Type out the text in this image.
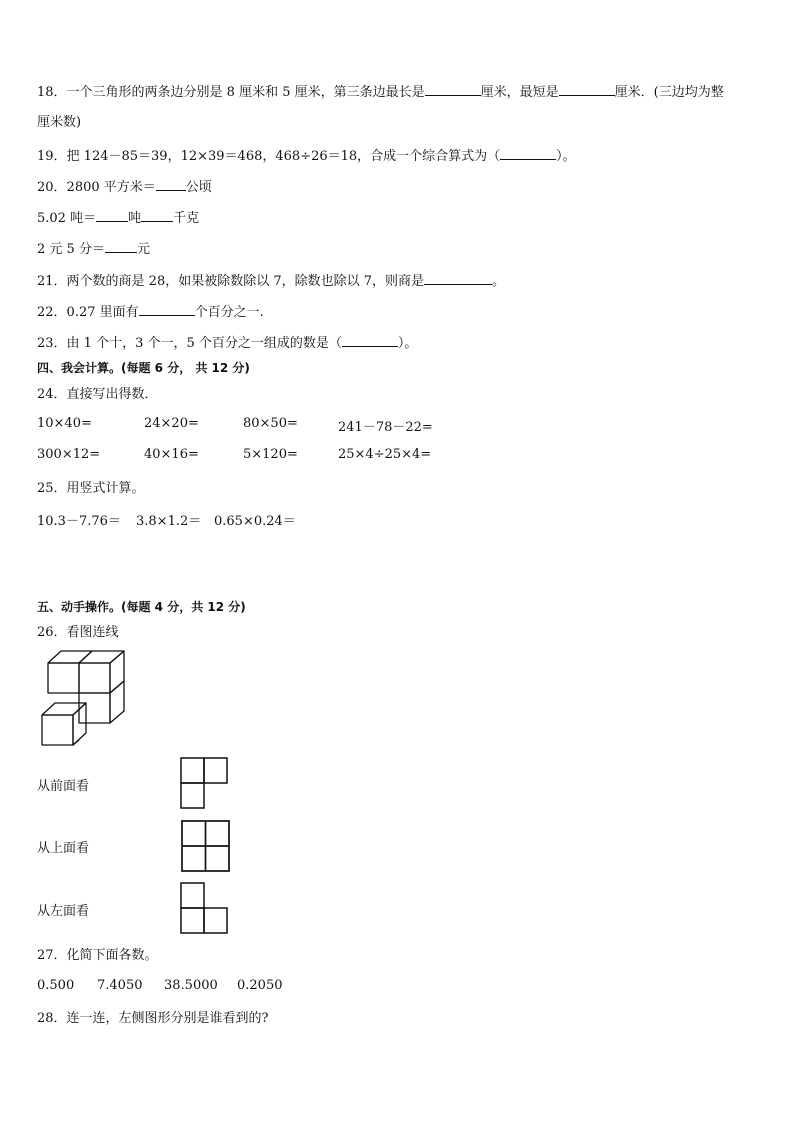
18．一个三角形的两条边分别是 8 厘米和 5 厘米，第三条边最长是	厘米，最短是	厘米．(三边均为整
厘米数)
19．把 124－85＝39，12×39＝468，468÷26＝18，合成一个综合算式为（	）。
20．2800 平方米＝ 公顷
5.02 吨＝ 吨 千克
2 元 5 分＝ 元
21．两个数的商是 28，如果被除数除以 7，除数也除以 7，则商是	。
22．0.27 里面有	个百分之一.
23．由 1 个十，3 个一，5 个百分之一组成的数是（	）。
四、我会计算。(每题 6 分， 共 12 分)
24．直接写出得数．
10×40=	24×20=	80×50=	241－78－22=
300×12=	40×16=	5×120=	25×4÷25×4=
25．用竖式计算。
10.3－7.76＝ 3.8×1.2＝ 0.65×0.24＝
五、动手操作。(每题 4 分，共 12 分)
26．看图连线
从前面看
从上面看
从左面看
27．化简下面各数。
0.500 7.4050 38.5000 0.2050
28．连一连，左侧图形分别是谁看到的?
